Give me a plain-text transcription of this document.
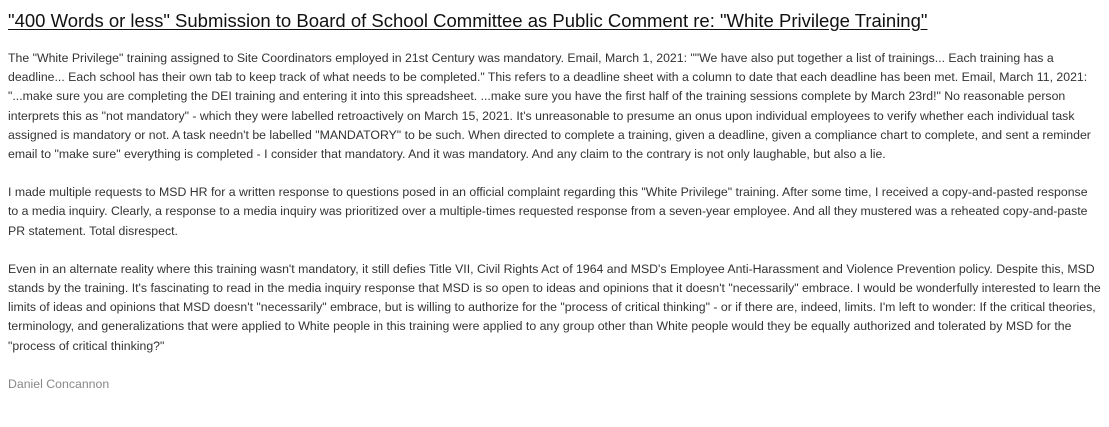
"400 Words or less" Submission to Board of School Committee as Public Comment re: "White Privilege Training"

The "White Privilege" training assigned to Site Coordinators employed in 21st Century was mandatory. Email, March 1, 2021: ""We have also put together a list of trainings... Each training has a deadline... Each school has their own tab to keep track of what needs to be completed." This refers to a deadline sheet with a column to date that each deadline has been met. Email, March 11, 2021: "...make sure you are completing the DEI training and entering it into this spreadsheet. ...make sure you have the first half of the training sessions complete by March 23rd!" No reasonable person interprets this as "not mandatory" - which they were labelled retroactively on March 15, 2021. It's unreasonable to presume an onus upon individual employees to verify whether each individual task assigned is mandatory or not. A task needn't be labelled "MANDATORY" to be such. When directed to complete a training, given a deadline, given a compliance chart to complete, and sent a reminder email to "make sure" everything is completed - I consider that mandatory. And it was mandatory. And any claim to the contrary is not only laughable, but also a lie.

I made multiple requests to MSD HR for a written response to questions posed in an official complaint regarding this "White Privilege" training. After some time, I received a copy-and-pasted response to a media inquiry. Clearly, a response to a media inquiry was prioritized over a multiple-times requested response from a seven-year employee. And all they mustered was a reheated copy-and-paste PR statement. Total disrespect.

Even in an alternate reality where this training wasn't mandatory, it still defies Title VII, Civil Rights Act of 1964 and MSD's Employee Anti-Harassment and Violence Prevention policy. Despite this, MSD stands by the training. It's fascinating to read in the media inquiry response that MSD is so open to ideas and opinions that it doesn't "necessarily" embrace. I would be wonderfully interested to learn the limits of ideas and opinions that MSD doesn't "necessarily" embrace, but is willing to authorize for the "process of critical thinking" - or if there are, indeed, limits. I'm left to wonder: If the critical theories, terminology, and generalizations that were applied to White people in this training were applied to any group other than White people would they be equally authorized and tolerated by MSD for the "process of critical thinking?"

Daniel Concannon
